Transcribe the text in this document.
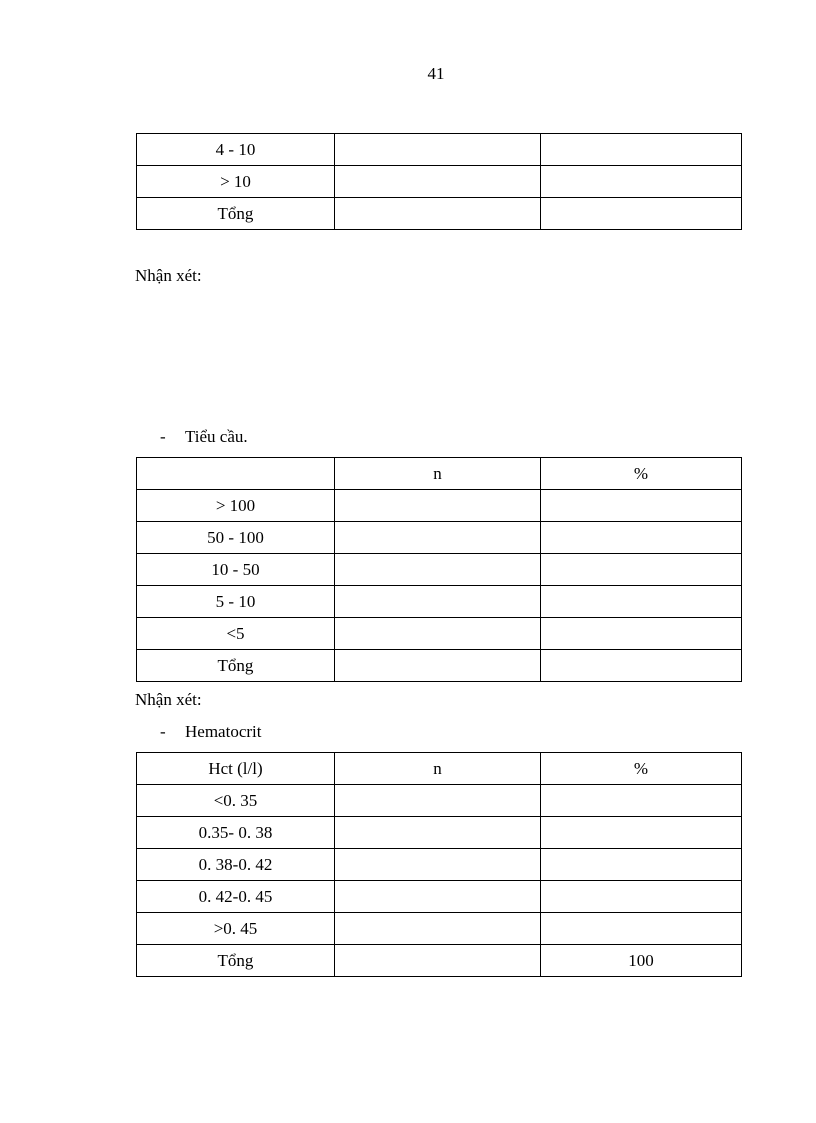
41
4 - 10		
> 10		
Tổng		
Nhận xét:
- Tiểu cầu.
	n	%
> 100		
50 - 100		
10 - 50		
5 - 10		
<5		
Tổng		
Nhận xét:
- Hematocrit
Hct (l/l)	n	%
<0. 35		
0.35- 0. 38		
0. 38-0. 42		
0. 42-0. 45		
>0. 45		
Tổng		100
